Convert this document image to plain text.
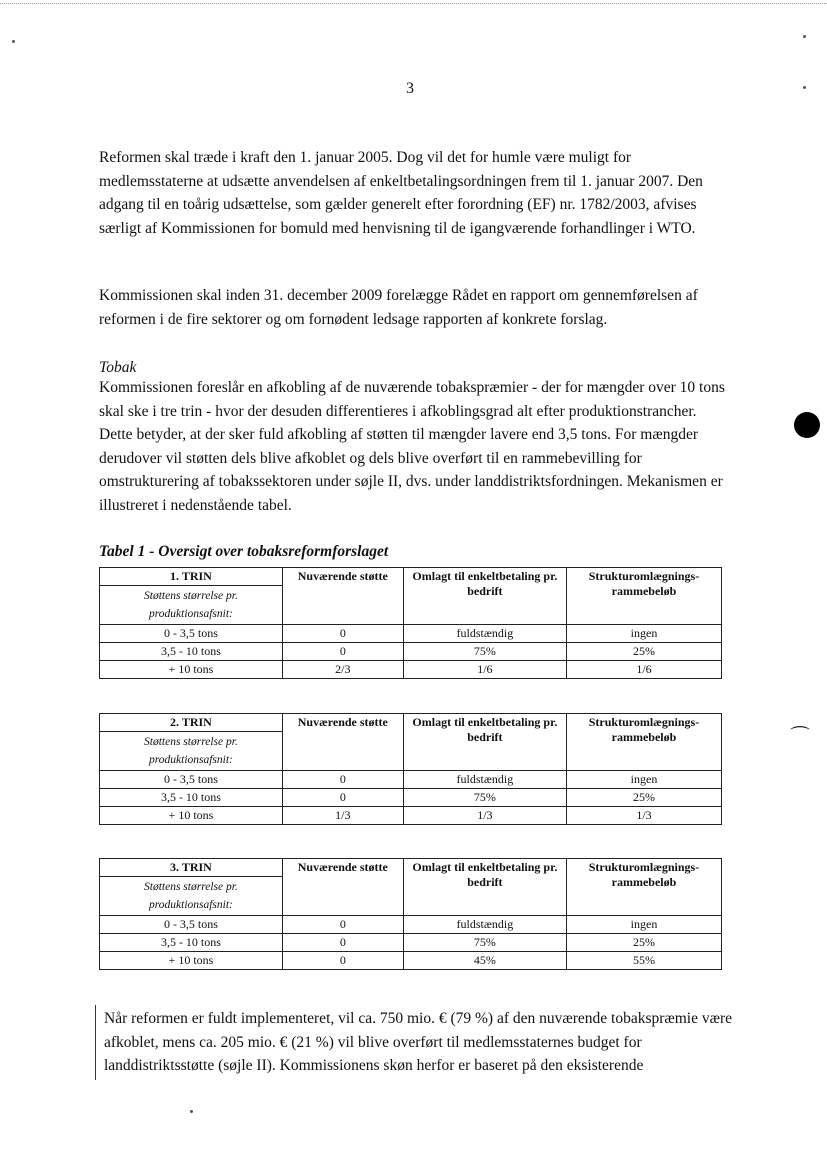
3
Reformen skal træde i kraft den 1. januar 2005. Dog vil det for humle være muligt for medlemsstaterne at udsætte anvendelsen af enkeltbetalingsordningen frem til 1. januar 2007. Den adgang til en toårig udsættelse, som gælder generelt efter forordning (EF) nr. 1782/2003, afvises særligt af Kommissionen for bomuld med henvisning til de igangværende forhandlinger i WTO.
Kommissionen skal inden 31. december 2009 forelægge Rådet en rapport om gennemførelsen af reformen i de fire sektorer og om fornødent ledsage rapporten af konkrete forslag.
Tobak
Kommissionen foreslår en afkobling af de nuværende tobakspræmier - der for mængder over 10 tons skal ske i tre trin - hvor der desuden differentieres i afkoblingsgrad alt efter produktionstrancher. Dette betyder, at der sker fuld afkobling af støtten til mængder lavere end 3,5 tons. For mængder derudover vil støtten dels blive afkoblet og dels blive overført til en rammebevilling for omstrukturering af tobakssektoren under søjle II, dvs. under landdistriktsfordningen. Mekanismen er illustreret i nedenstående tabel.
Tabel 1 - Oversigt over tobaksreformforslaget
1. TRIN	Nuværende støtte	Omlagt til enkeltbetaling pr. bedrift	Strukturomlægnings-rammebeløb
Støttens størrelse pr. produktionsafsnit:			
0 - 3,5 tons	0	fuldstændig	ingen
3,5 - 10 tons	0	75%	25%
+ 10 tons	2/3	1/6	1/6

2. TRIN	Nuværende støtte	Omlagt til enkeltbetaling pr. bedrift	Strukturomlægnings-rammebeløb
Støttens størrelse pr. produktionsafsnit:			
0 - 3,5 tons	0	fuldstændig	ingen
3,5 - 10 tons	0	75%	25%
+ 10 tons	1/3	1/3	1/3

3. TRIN	Nuværende støtte	Omlagt til enkeltbetaling pr. bedrift	Strukturomlægnings-rammebeløb
Støttens størrelse pr. produktionsafsnit:			
0 - 3,5 tons	0	fuldstændig	ingen
3,5 - 10 tons	0	75%	25%
+ 10 tons	0	45%	55%
Når reformen er fuldt implementeret, vil ca. 750 mio. € (79 %) af den nuværende tobakspræmie være afkoblet, mens ca. 205 mio. € (21 %) vil blive overført til medlemsstaternes budget for landdistriktsstøtte (søjle II). Kommissionens skøn herfor er baseret på den eksisterende
⌒
